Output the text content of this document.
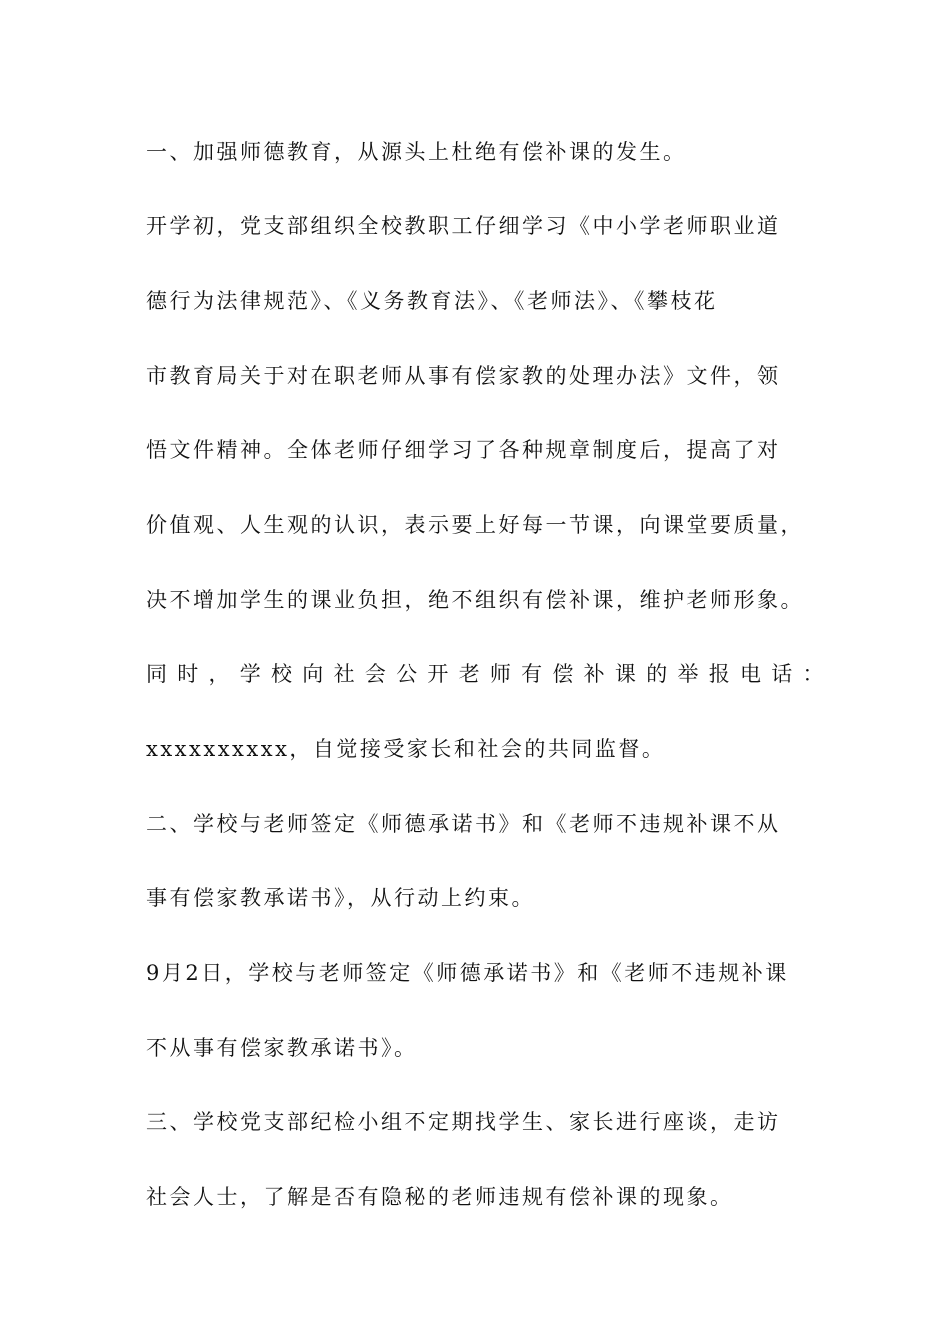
一、加强师德教育，从源头上杜绝有偿补课的发生。
开学初，党支部组织全校教职工仔细学习《中小学老师职业道
德行为法律规范》、《义务教育法》、《老师法》、《攀枝花
市教育局关于对在职老师从事有偿家教的处理办法》文件，领
悟文件精神。全体老师仔细学习了各种规章制度后，提高了对
价值观、人生观的认识，表示要上好每一节课，向课堂要质量，
决不增加学生的课业负担，绝不组织有偿补课，维护老师形象。
同时，学校向社会公开老师有偿补课的举报电话：
xxxxxxxxxx，自觉接受家长和社会的共同监督。
二、学校与老师签定《师德承诺书》和《老师不违规补课不从
事有偿家教承诺书》，从行动上约束。
9月2日，学校与老师签定《师德承诺书》和《老师不违规补课
不从事有偿家教承诺书》。
三、学校党支部纪检小组不定期找学生、家长进行座谈，走访
社会人士，了解是否有隐秘的老师违规有偿补课的现象。
